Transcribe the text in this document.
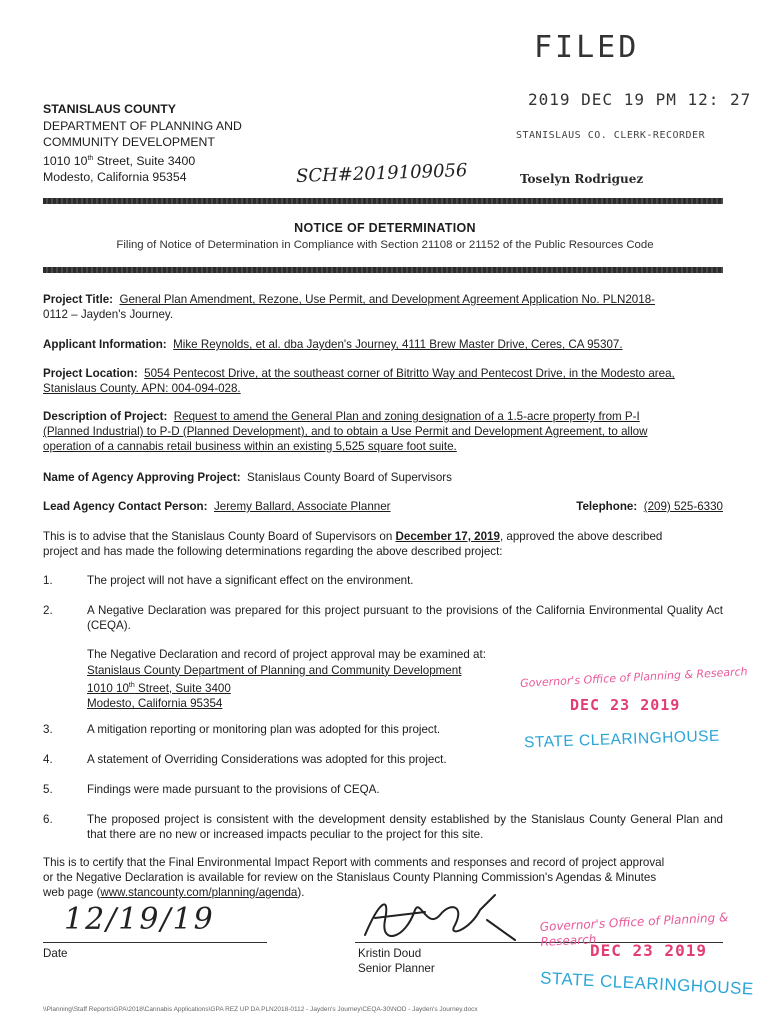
FILED
2019 DEC 19 PM 12: 27
STANISLAUS CO. CLERK-RECORDER
Toselyn Rodriguez
STANISLAUS COUNTY
DEPARTMENT OF PLANNING AND
COMMUNITY DEVELOPMENT
1010 10th Street, Suite 3400
Modesto, California 95354	SCH#2019109056
NOTICE OF DETERMINATION
Filing of Notice of Determination in Compliance with Section 21108 or 21152 of the Public Resources Code
Project Title: General Plan Amendment, Rezone, Use Permit, and Development Agreement Application No. PLN2018-
0112 – Jayden's Journey.
Applicant Information: Mike Reynolds, et al. dba Jayden's Journey, 4111 Brew Master Drive, Ceres, CA 95307.
Project Location: 5054 Pentecost Drive, at the southeast corner of Bitritto Way and Pentecost Drive, in the Modesto area,
Stanislaus County. APN: 004-094-028.
Description of Project: Request to amend the General Plan and zoning designation of a 1.5-acre property from P-I
(Planned Industrial) to P-D (Planned Development), and to obtain a Use Permit and Development Agreement, to allow
operation of a cannabis retail business within an existing 5,525 square foot suite.
Name of Agency Approving Project: Stanislaus County Board of Supervisors
Lead Agency Contact Person: Jeremy Ballard, Associate Planner	Telephone: (209) 525-6330
This is to advise that the Stanislaus County Board of Supervisors on December 17, 2019, approved the above described
project and has made the following determinations regarding the above described project:
1.	The project will not have a significant effect on the environment.
2.	A Negative Declaration was prepared for this project pursuant to the provisions of the California Environmental Quality Act (CEQA).
The Negative Declaration and record of project approval may be examined at:
Stanislaus County Department of Planning and Community Development
1010 10th Street, Suite 3400
Modesto, California 95354
3.	A mitigation reporting or monitoring plan was adopted for this project.
4.	A statement of Overriding Considerations was adopted for this project.
5.	Findings were made pursuant to the provisions of CEQA.
6.	The proposed project is consistent with the development density established by the Stanislaus County General Plan and that there are no new or increased impacts peculiar to the project for this site.
Governor's Office of Planning & Research
DEC 23 2019
STATE CLEARINGHOUSE
This is to certify that the Final Environmental Impact Report with comments and responses and record of project approval
or the Negative Declaration is available for review on the Stanislaus County Planning Commission's Agendas & Minutes
web page (www.stancounty.com/planning/agenda).
12/19/19
Date	Kristin Doud
Senior Planner
Governor's Office of Planning & Research
DEC 23 2019
STATE CLEARINGHOUSE
\\Planning\Staff Reports\GPA\2018\Cannabis Applications\GPA REZ UP DA PLN2018-0112 - Jayden's Journey\CEQA-30\NOD - Jayden's Journey.docx
